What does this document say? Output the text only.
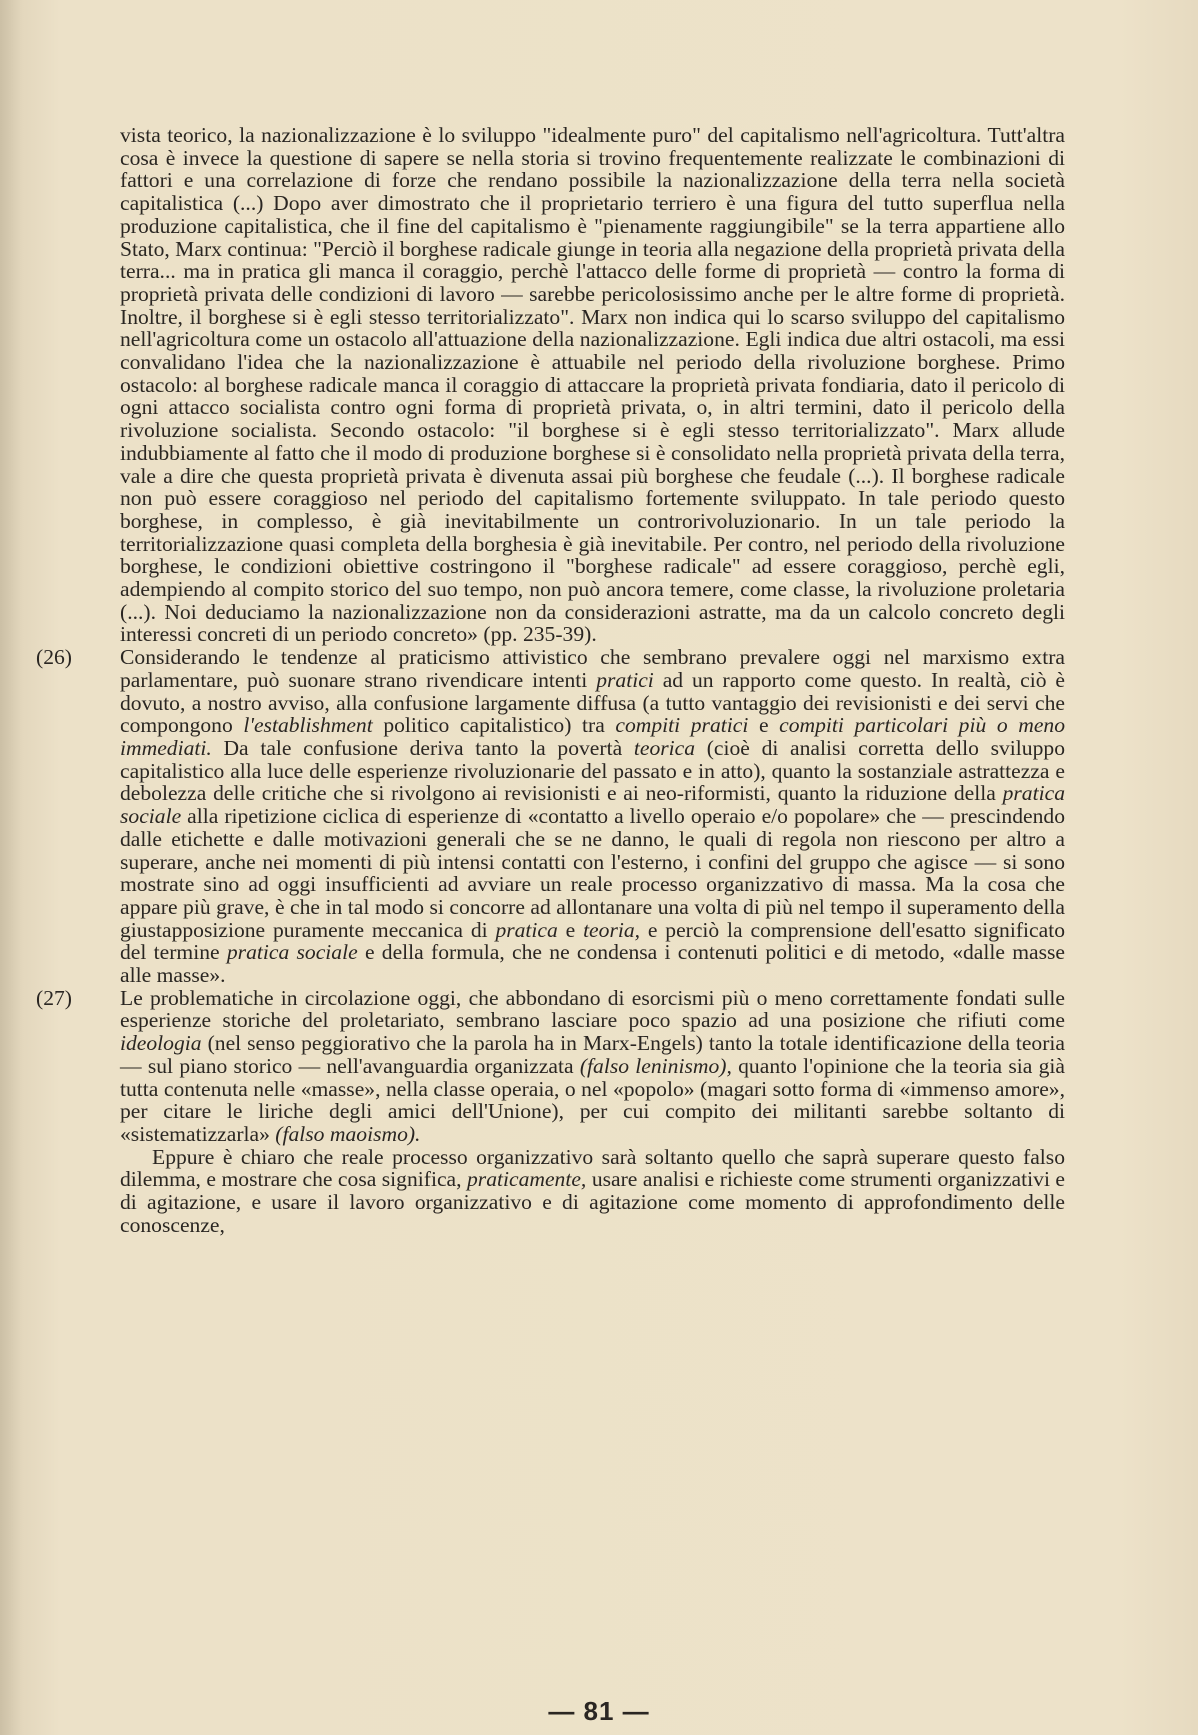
vista teorico, la nazionalizzazione è lo sviluppo "idealmente puro" del capitalismo nell'agricoltura. Tutt'altra cosa è invece la questione di sapere se nella storia si trovino frequentemente realizzate le combinazioni di fattori e una correlazione di forze che rendano possibile la nazionalizzazione della terra nella società capitalistica (...) Dopo aver dimostrato che il proprietario terriero è una figura del tutto superflua nella produzione capitalistica, che il fine del capitalismo è "pienamente raggiungibile" se la terra appartiene allo Stato, Marx continua: "Perciò il borghese radicale giunge in teoria alla negazione della proprietà privata della terra... ma in pratica gli manca il coraggio, perchè l'attacco delle forme di proprietà — contro la forma di proprietà privata delle condizioni di lavoro — sarebbe pericolosissimo anche per le altre forme di proprietà. Inoltre, il borghese si è egli stesso territorializzato". Marx non indica qui lo scarso sviluppo del capitalismo nell'agricoltura come un ostacolo all'attuazione della nazionalizzazione. Egli indica due altri ostacoli, ma essi convalidano l'idea che la nazionalizzazione è attuabile nel periodo della rivoluzione borghese. Primo ostacolo: al borghese radicale manca il coraggio di attaccare la proprietà privata fondiaria, dato il pericolo di ogni attacco socialista contro ogni forma di proprietà privata, o, in altri termini, dato il pericolo della rivoluzione socialista. Secondo ostacolo: "il borghese si è egli stesso territorializzato". Marx allude indubbiamente al fatto che il modo di produzione borghese si è consolidato nella proprietà privata della terra, vale a dire che questa proprietà privata è divenuta assai più borghese che feudale (...). Il borghese radicale non può essere coraggioso nel periodo del capitalismo fortemente sviluppato. In tale periodo questo borghese, in complesso, è già inevitabilmente un controrivoluzionario. In un tale periodo la territorializzazione quasi completa della borghesia è già inevitabile. Per contro, nel periodo della rivoluzione borghese, le condizioni obiettive costringono il "borghese radicale" ad essere coraggioso, perchè egli, adempiendo al compito storico del suo tempo, non può ancora temere, come classe, la rivoluzione proletaria (...). Noi deduciamo la nazionalizzazione non da considerazioni astratte, ma da un calcolo concreto degli interessi concreti di un periodo concreto» (pp. 235-39).

(26) Considerando le tendenze al praticismo attivistico che sembrano prevalere oggi nel marxismo extra parlamentare, può suonare strano rivendicare intenti pratici ad un rapporto come questo. In realtà, ciò è dovuto, a nostro avviso, alla confusione largamente diffusa (a tutto vantaggio dei revisionisti e dei servi che compongono l'establishment politico capitalistico) tra compiti pratici e compiti particolari più o meno immediati. Da tale confusione deriva tanto la povertà teorica (cioè di analisi corretta dello sviluppo capitalistico alla luce delle esperienze rivoluzionarie del passato e in atto), quanto la sostanziale astrattezza e debolezza delle critiche che si rivolgono ai revisionisti e ai neo-riformisti, quanto la riduzione della pratica sociale alla ripetizione ciclica di esperienze di «contatto a livello operaio e/o popolare» che — prescindendo dalle etichette e dalle motivazioni generali che se ne danno, le quali di regola non riescono per altro a superare, anche nei momenti di più intensi contatti con l'esterno, i confini del gruppo che agisce — si sono mostrate sino ad oggi insufficienti ad avviare un reale processo organizzativo di massa. Ma la cosa che appare più grave, è che in tal modo si concorre ad allontanare una volta di più nel tempo il superamento della giustapposizione puramente meccanica di pratica e teoria, e perciò la comprensione dell'esatto significato del termine pratica sociale e della formula, che ne condensa i contenuti politici e di metodo, «dalle masse alle masse».

(27) Le problematiche in circolazione oggi, che abbondano di esorcismi più o meno correttamente fondati sulle esperienze storiche del proletariato, sembrano lasciare poco spazio ad una posizione che rifiuti come ideologia (nel senso peggiorativo che la parola ha in Marx-Engels) tanto la totale identificazione della teoria — sul piano storico — nell'avanguardia organizzata (falso leninismo), quanto l'opinione che la teoria sia già tutta contenuta nelle «masse», nella classe operaia, o nel «popolo» (magari sotto forma di «immenso amore», per citare le liriche degli amici dell'Unione), per cui compito dei militanti sarebbe soltanto di «sistematizzarla» (falso maoismo).

Eppure è chiaro che reale processo organizzativo sarà soltanto quello che saprà superare questo falso dilemma, e mostrare che cosa significa, praticamente, usare analisi e richieste come strumenti organizzativi e di agitazione, e usare il lavoro organizzativo e di agitazione come momento di approfondimento delle conoscenze,

— 81 —
